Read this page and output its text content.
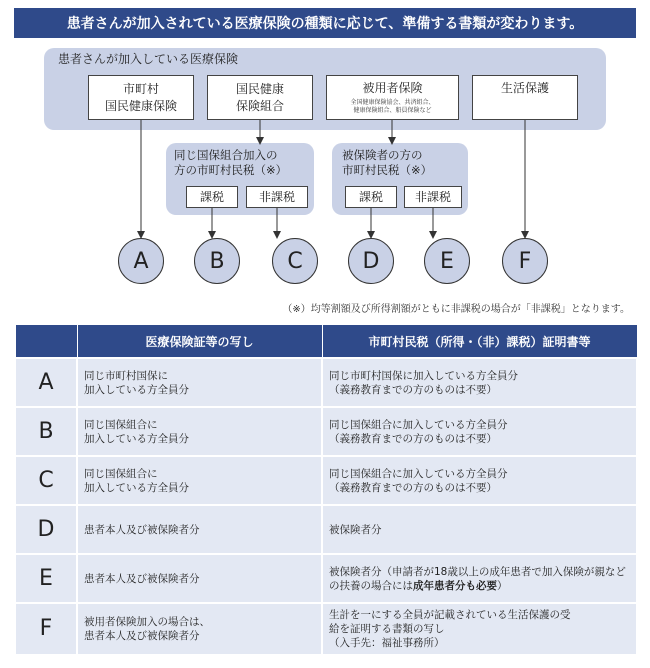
患者さんが加入されている医療保険の種類に応じて、準備する書類が変わります。
患者さんが加入している医療保険
市町村
国民健康保険
国民健康
保険組合
被用者保険
全国健康保険協会、共済組合、
健康保険組合、船員保険など
生活保護
同じ国保組合加入の
方の市町村民税（※）
課税	非課税
被保険者の方の
市町村民税（※）
課税	非課税
A	B	C	D	E	F
（※）均等割額及び所得割額がともに非課税の場合が「非課税」となります。
	医療保険証等の写し	市町村民税（所得・（非）課税）証明書等
A	同じ市町村国保に
加入している方全員分	同じ市町村国保に加入している方全員分
（義務教育までの方のものは不要）

B	同じ国保組合に
加入している方全員分	同じ国保組合に加入している方全員分
（義務教育までの方のものは不要）

C	同じ国保組合に
加入している方全員分	同じ国保組合に加入している方全員分
（義務教育までの方のものは不要）

D	患者本人及び被保険者分	被保険者分

E	患者本人及び被保険者分	被保険者分（申請者が18歳以上の成年患者で加入保険が親などの扶養の場合には成年患者分も必要）
F	被用者保険加入の場合は、
患者本人及び被保険者分	生計を一にする全員が記載されている生活保護の受
給を証明する書類の写し
（入手先：福祉事務所）
